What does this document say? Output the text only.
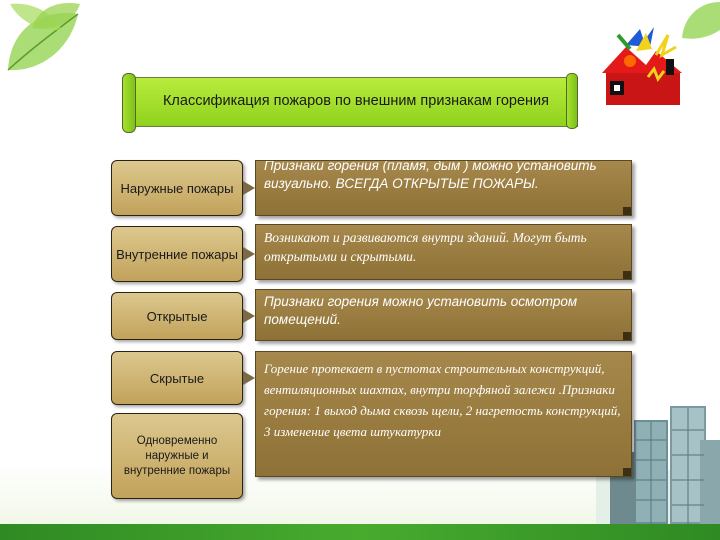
Классификация пожаров по внешним признакам горения
Наружные пожары
Внутренние пожары
Открытые
Скрытые
Одновременно наружные и внутренние пожары
Признаки горения (пламя, дым ) можно установить визуально. ВСЕГДА ОТКРЫТЫЕ ПОЖАРЫ.
Возникают и развиваются внутри зданий. Могут быть открытыми и скрытыми.
Признаки горения можно установить осмотром помещений.
Горение протекает в пустотах строительных конструкций, вентиляционных шахтах, внутри торфяной залежи .Признаки горения: 1 выход дыма сквозь щели, 2 нагретость конструкций, 3 изменение цвета штукатурки
